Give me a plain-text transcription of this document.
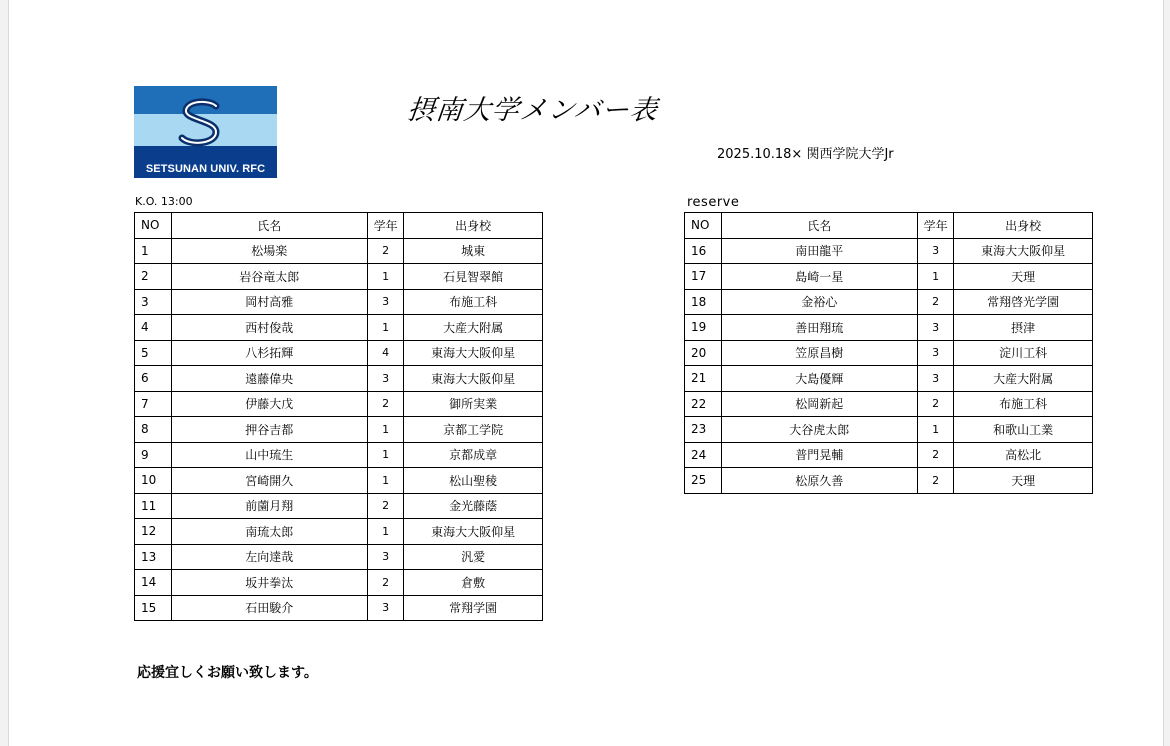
SETSUNAN UNIV. RFC
摂南大学メンバー表
2025.10.18× 関西学院大学Jr
K.O. 13:00	reserve
NO	氏名	学年	出身校
1	松場楽	2	城東
2	岩谷竜太郎	1	石見智翠館
3	岡村高雅	3	布施工科
4	西村俊哉	1	大産大附属
5	八杉拓輝	4	東海大大阪仰星
6	遠藤偉央	3	東海大大阪仰星
7	伊藤大戊	2	御所実業
8	押谷吉都	1	京都工学院
9	山中琉生	1	京都成章
10	宮崎開久	1	松山聖稜
11	前薗月翔	2	金光藤蔭
12	南琉太郎	1	東海大大阪仰星
13	左向達哉	3	汎愛
14	坂井拳汰	2	倉敷
15	石田駿介	3	常翔学園
NO	氏名	学年	出身校
16	南田龍平	3	東海大大阪仰星
17	島崎一星	1	天理
18	金裕心	2	常翔啓光学園
19	善田翔琉	3	摂津
20	笠原昌樹	3	淀川工科
21	大島優輝	3	大産大附属
22	松岡新起	2	布施工科
23	大谷虎太郎	1	和歌山工業
24	普門晃輔	2	高松北
25	松原久善	2	天理
応援宜しくお願い致します。
